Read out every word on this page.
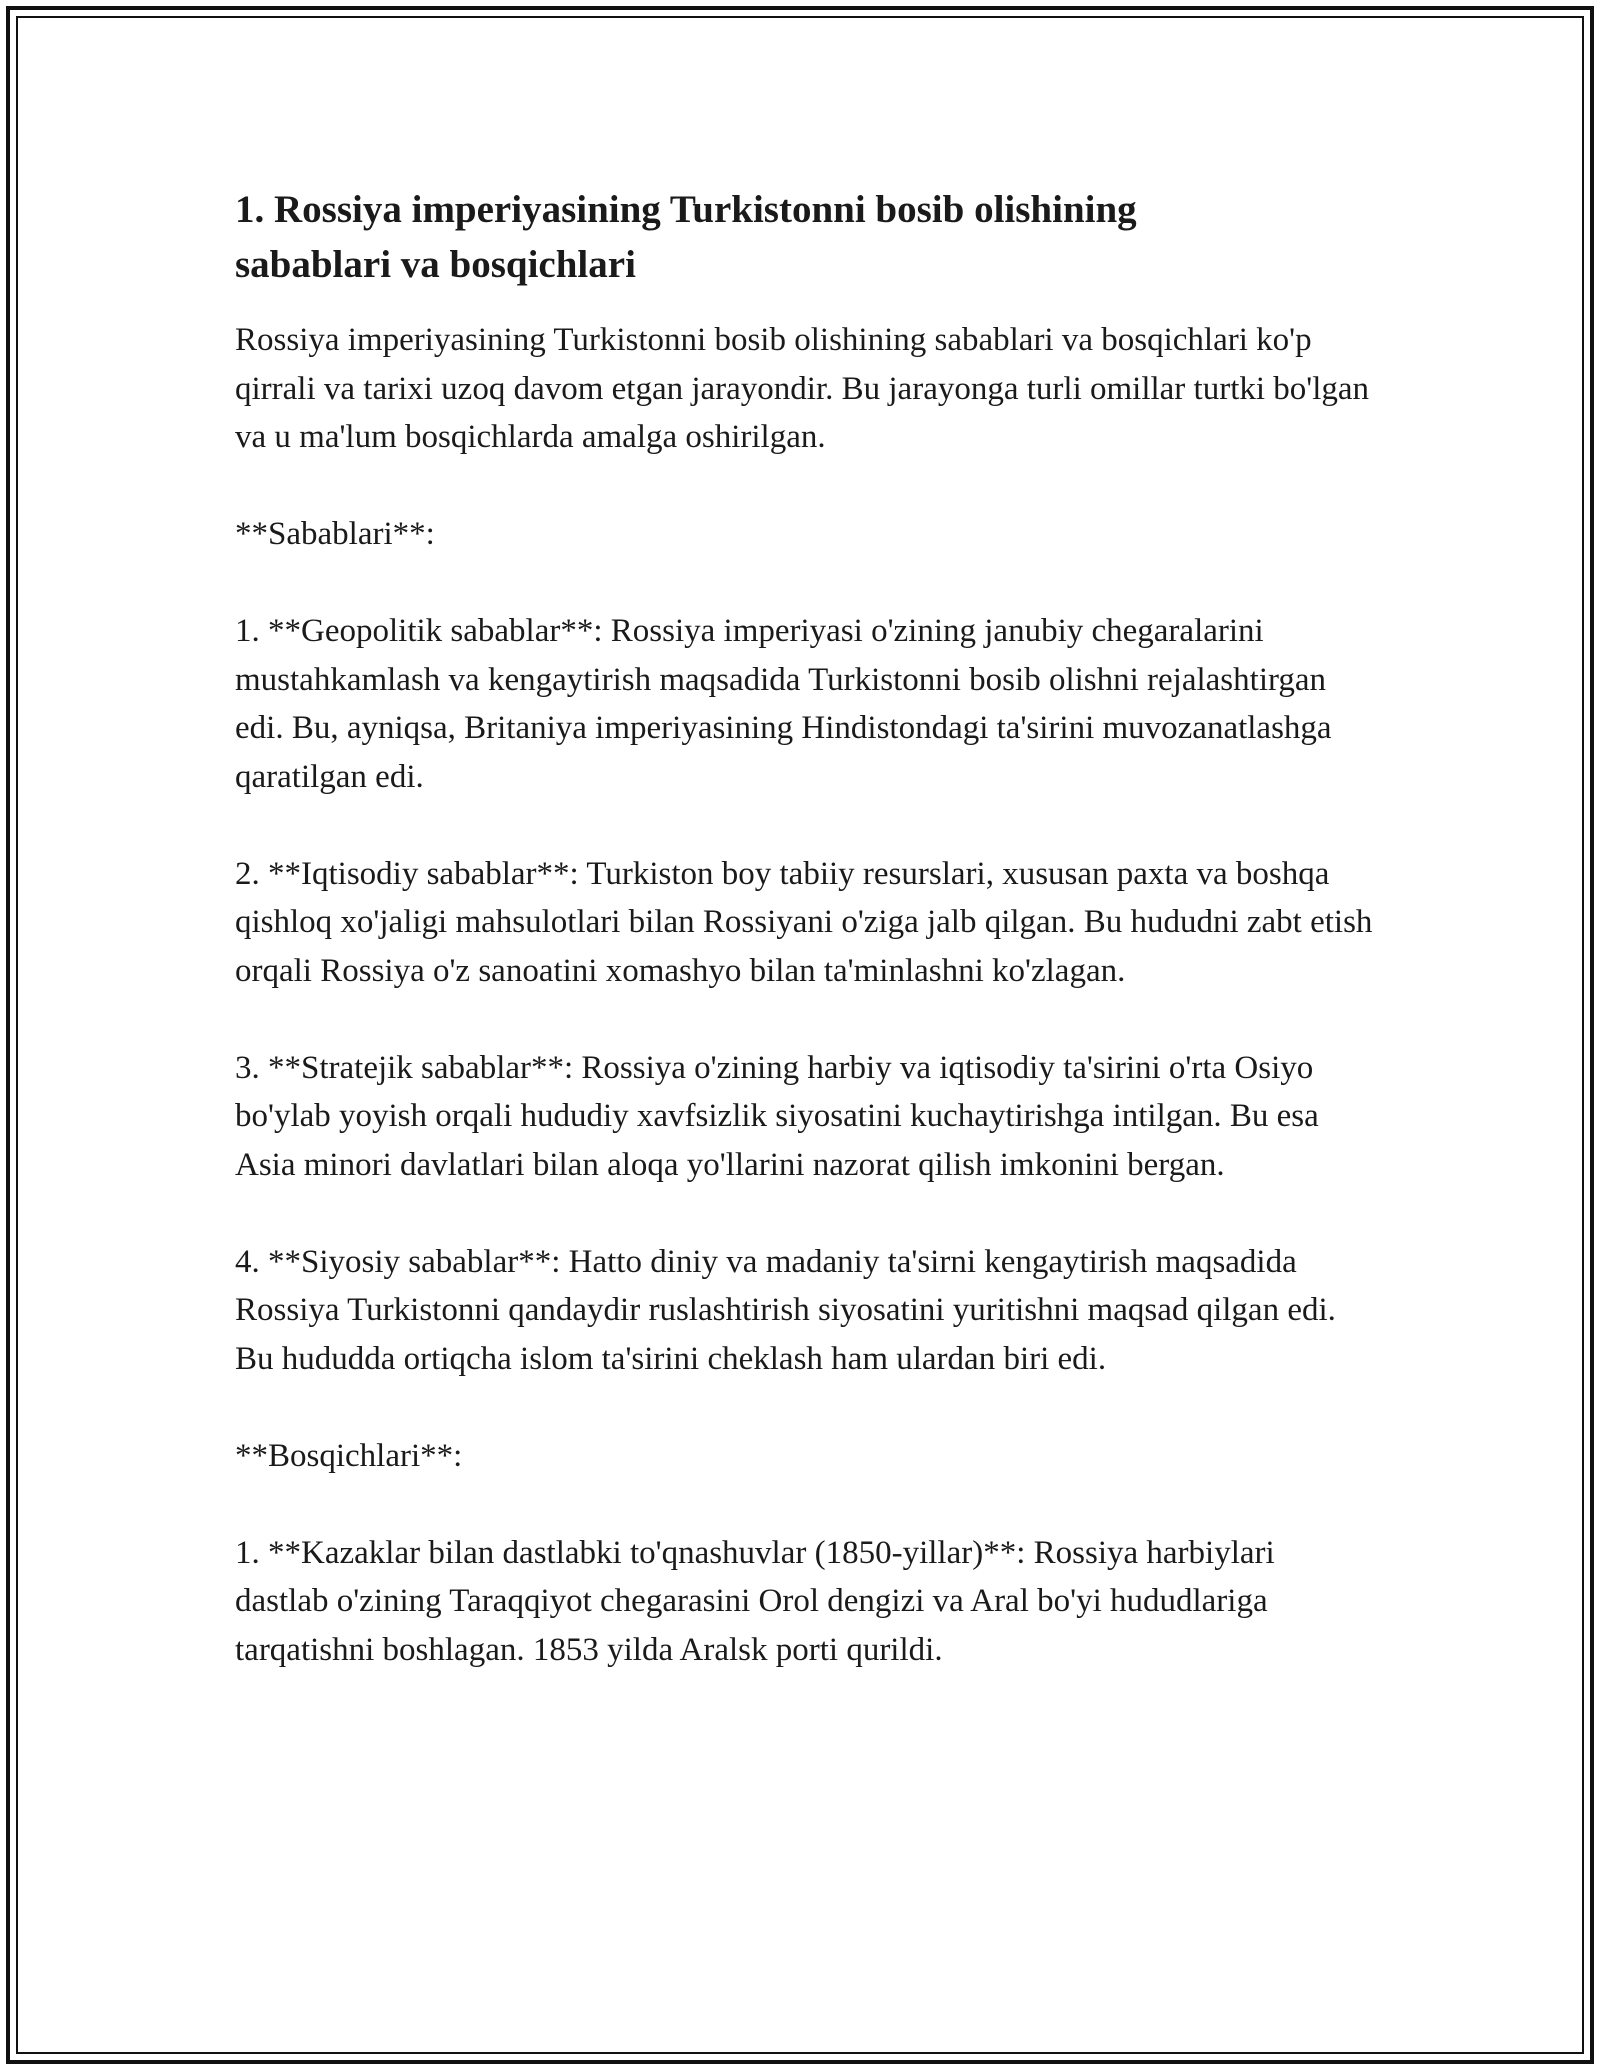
1. Rossiya imperiyasining Turkistonni bosib olishining
sabablari va bosqichlari

Rossiya imperiyasining Turkistonni bosib olishining sabablari va bosqichlari ko'p qirrali va tarixi uzoq davom etgan jarayondir. Bu jarayonga turli omillar turtki bo'lgan va u ma'lum bosqichlarda amalga oshirilgan.

**Sabablari**:

1. **Geopolitik sabablar**: Rossiya imperiyasi o'zining janubiy chegaralarini mustahkamlash va kengaytirish maqsadida Turkistonni bosib olishni rejalashtirgan edi. Bu, ayniqsa, Britaniya imperiyasining Hindistondagi ta'sirini muvozanatlashga qaratilgan edi.

2. **Iqtisodiy sabablar**: Turkiston boy tabiiy resurslari, xususan paxta va boshqa qishloq xo'jaligi mahsulotlari bilan Rossiyani o'ziga jalb qilgan. Bu hududni zabt etish orqali Rossiya o'z sanoatini xomashyo bilan ta'minlashni ko'zlagan.

3. **Stratejik sabablar**: Rossiya o'zining harbiy va iqtisodiy ta'sirini o'rta Osiyo bo'ylab yoyish orqali hududiy xavfsizlik siyosatini kuchaytirishga intilgan. Bu esa Asia minori davlatlari bilan aloqa yo'llarini nazorat qilish imkonini bergan.

4. **Siyosiy sabablar**: Hatto diniy va madaniy ta'sirni kengaytirish maqsadida Rossiya Turkistonni qandaydir ruslashtirish siyosatini yuritishni maqsad qilgan edi. Bu hududda ortiqcha islom ta'sirini cheklash ham ulardan biri edi.

**Bosqichlari**:

1. **Kazaklar bilan dastlabki to'qnashuvlar (1850-yillar)**: Rossiya harbiylari dastlab o'zining Taraqqiyot chegarasini Orol dengizi va Aral bo'yi hududlariga tarqatishni boshlagan. 1853 yilda Aralsk porti qurildi.
